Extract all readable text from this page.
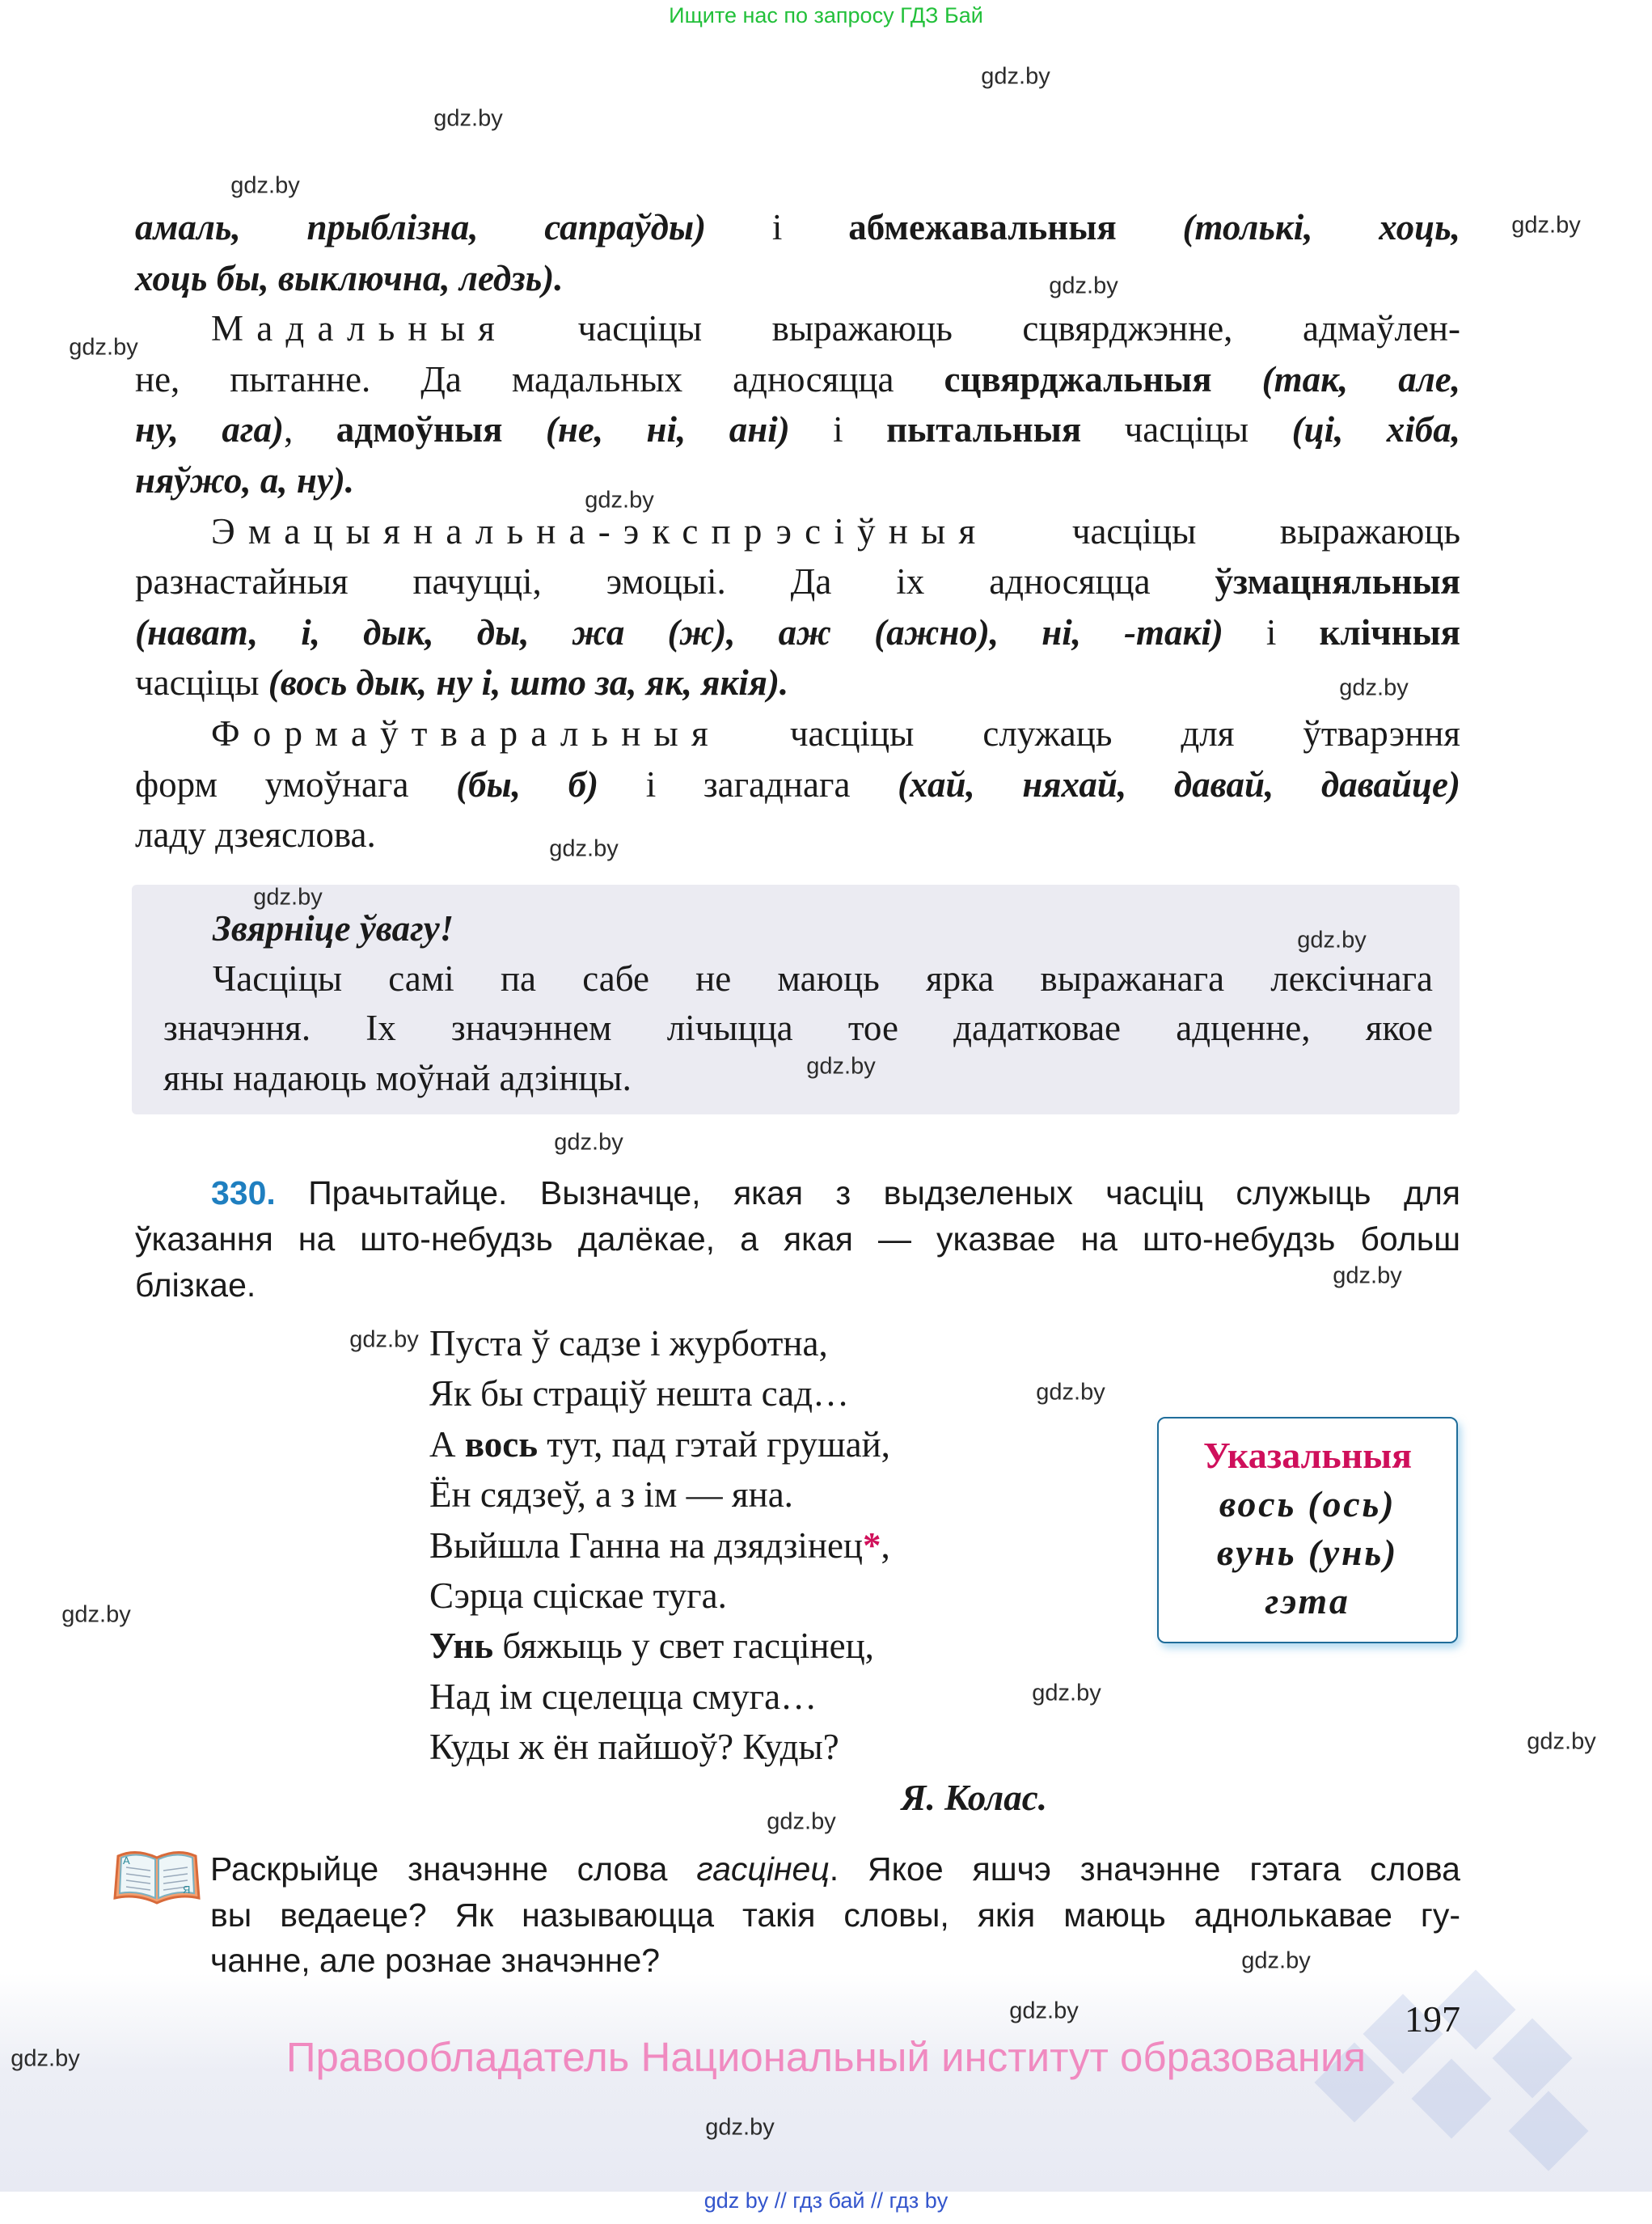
Ищите нас по запросу ГДЗ Бай
амаль, прыблізна, сапраўды) і абмежавальныя (толькі, хоць,
хоць бы, выключна, ледзь).
Мадальныя часціцы выражаюць сцвярджэнне, адмаўлен-
не, пытанне. Да мадальных адносяцца сцвярджальныя (так, але,
ну, ага), адмоўныя (не, ні, ані) і пытальныя часціцы (ці, хіба,
няўжо, а, ну).
Эмацыянальна-экспрэсіўныя часціцы выражаюць
разнастайныя пачуцці, эмоцыі. Да іх адносяцца ўзмацняльныя
(нават, і, дык, ды, жа (ж), аж (ажно), ні, -такі) і клічныя
часціцы (вось дык, ну і, што за, як, якія).
Формаўтваральныя часціцы служаць для ўтварэння
форм умоўнага (бы, б) і загаднага (хай, няхай, давай, давайце)
ладу дзеяслова.
Звярніце ўвагу!
Часціцы самі па сабе не маюць ярка выражанага лексічнага
значэння. Іх значэннем лічыцца тое дадатковае адценне, якое
яны надаюць моўнай адзінцы.
330. Прачытайце. Вызначце, якая з выдзеленых часціц служыць для
ўказання на што-небудзь далёкае, а якая — указвае на што-небудзь больш
блізкае.
Пуста ў садзе і журботна,
Як бы страціў нешта сад…
А вось тут, пад гэтай грушай,
Ён сядзеў, а з ім — яна.
Выйшла Ганна на дзядзінец*,
Сэрца сціскае туга.
Унь бяжыць у свет гасцінец,
Над ім сцелецца смуга…
Куды ж ён пайшоў? Куды?
Я. Колас.
Указальныя
вось (ось)
вунь (унь)
гэта
А
Я
Раскрыйце значэнне слова гасцінец. Якое яшчэ значэнне гэтага слова
вы ведаеце? Як называюцца такія словы, якія маюць аднолькавае гу-
чанне, але рознае значэнне?
197
Правообладатель Национальный институт образования
gdz by // гдз бай // гдз by
gdz.by
gdz.by
gdz.by
gdz.by
gdz.by
gdz.by
gdz.by
gdz.by
gdz.by
gdz.by
gdz.by
gdz.by
gdz.by
gdz.by
gdz.by
gdz.by
gdz.by
gdz.by
gdz.by
gdz.by
gdz.by
gdz.by
gdz.by
gdz.by
